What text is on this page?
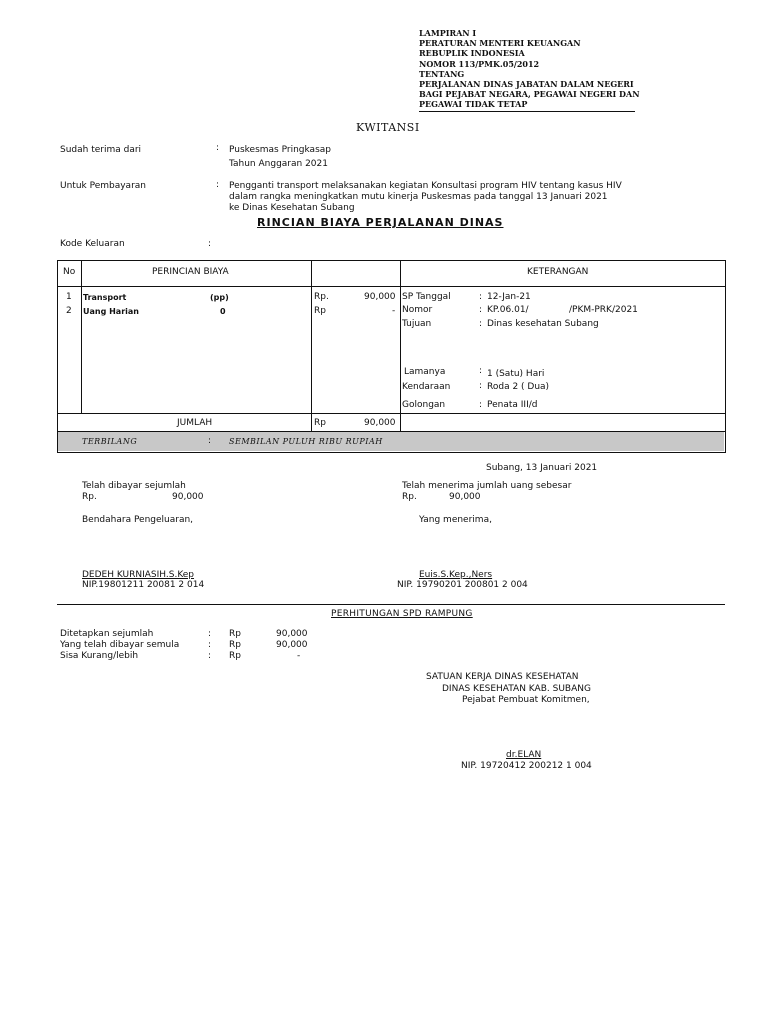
LAMPIRAN I
PERATURAN MENTERI KEUANGAN
REBUPLIK INDONESIA
NOMOR 113/PMK.05/2012
TENTANG
PERJALANAN DINAS JABATAN DALAM NEGERI
BAGI PEJABAT NEGARA, PEGAWAI NEGERI DAN
PEGAWAI TIDAK TETAP
KWITANSI
Sudah terima dari	: Puskesmas Pringkasap
Tahun Anggaran 2021
Untuk Pembayaran	: Pengganti transport melaksanakan kegiatan Konsultasi program HIV tentang kasus HIV
dalam rangka meningkatkan mutu kinerja Puskesmas pada tanggal 13 Januari 2021
ke Dinas Kesehatan Subang
RINCIAN BIAYA PERJALANAN DINAS
Kode Keluaran	:
No	PERINCIAN BIAYA	KETERANGAN
1 Transport	(pp)	Rp.	90,000
2 Uang Harian	0	Rp	-
SP Tanggal	: 12-Jan-21
Nomor	: KP.06.01/	/PKM-PRK/2021
Tujuan	: Dinas kesehatan Subang
Lamanya	: 1 (Satu) Hari
Kendaraan	: Roda 2 ( Dua)
Golongan	: Penata III/d
JUMLAH	Rp	90,000
TERBILANG	: SEMBILAN PULUH RIBU RUPIAH
Subang, 13 Januari 2021
Telah dibayar sejumlah
Rp.	90,000
Bendahara Pengeluaran,
DEDEH KURNIASIH.S.Kep
NIP.19801211 20081 2 014
Telah menerima jumlah uang sebesar
Rp.	90,000
Yang menerima,
Euis.S.Kep.,Ners
NIP. 19790201 200801 2 004
PERHITUNGAN SPD RAMPUNG
Ditetapkan sejumlah	: Rp	90,000
Yang telah dibayar semula	: Rp	90,000
Sisa Kurang/lebih	: Rp	-
SATUAN KERJA DINAS KESEHATAN
DINAS KESEHATAN KAB. SUBANG
Pejabat Pembuat Komitmen,
dr.ELAN
NIP. 19720412 200212 1 004
